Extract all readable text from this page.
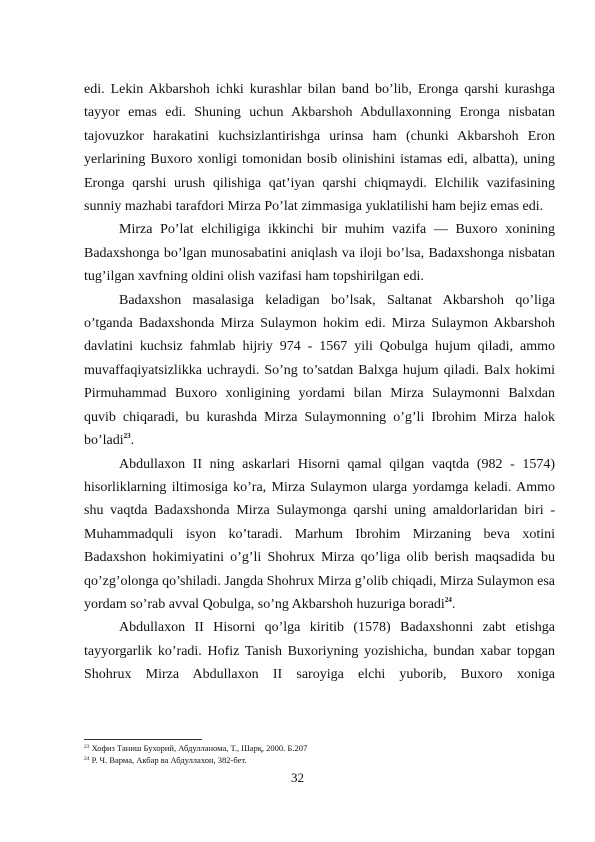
edi. Lekin Akbarshoh ichki kurashlar bilan band bo’lib, Eronga qarshi kurashga tayyor emas edi. Shuning uchun Akbarshoh Abdullaxonning Eronga nisbatan tajovuzkor harakatini kuchsizlantirishga urinsa ham (chunki Akbarshoh Eron yerlarining Buxoro xonligi tomonidan bosib olinishini istamas edi, albatta), uning Eronga qarshi urush qilishiga qat’iyan qarshi chiqmaydi. Elchilik vazifasining sunniy mazhabi tarafdori Mirza Po’lat zimmasiga yuklatilishi ham bejiz emas edi.

Mirza Po’lat elchiligiga ikkinchi bir muhim vazifa — Buxoro xonining Badaxshonga bo’lgan munosabatini aniqlash va iloji bo’lsa, Badaxshonga nisbatan tug’ilgan xavfning oldini olish vazifasi ham topshirilgan edi.

Badaxshon masalasiga keladigan bo’lsak, Saltanat Akbarshoh qo’liga o’tganda Badaxshonda Mirza Sulaymon hokim edi. Mirza Sulaymon Akbarshoh davlatini kuchsiz fahmlab hijriy 974 - 1567 yili Qobulga hujum qiladi, ammo muvaffaqiyatsizlikka uchraydi. So’ng to’satdan Balxga hujum qiladi. Balx hokimi Pirmuhammad Buxoro xonligining yordami bilan Mirza Sulaymonni Balxdan quvib chiqaradi, bu kurashda Mirza Sulaymonning o’g’li Ibrohim Mirza halok bo’ladi$^{23}$.

Abdullaxon II ning askarlari Hisorni qamal qilgan vaqtda (982 - 1574) hisorliklarning iltimosiga ko’ra, Mirza Sulaymon ularga yordamga keladi. Ammo shu vaqtda Badaxshonda Mirza Sulaymonga qarshi uning amaldorlaridan biri - Muhammadquli isyon ko’taradi. Marhum Ibrohim Mirzaning beva xotini Badaxshon hokimiyatini o’g’li Shohrux Mirza qo’liga olib berish maqsadida bu qo’zg’olonga qo’shiladi. Jangda Shohrux Mirza g’olib chiqadi, Mirza Sulaymon esa yordam so’rab avval Qobulga, so’ng Akbarshoh huzuriga boradi$^{24}$.

Abdullaxon II Hisorni qo’lga kiritib (1578) Badaxshonni zabt etishga tayyorgarlik ko’radi. Hofiz Tanish Buxoriyning yozishicha, bundan xabar topgan Shohrux Mirza Abdullaxon II saroyiga elchi yuborib, Buxoro xoniga

$^{23}$ Хофиз Таниш Бухорий, Абдулланома, Т., Шарқ, 2000. Б.207
$^{24}$ Р. Ч. Варма, Акбар ва Абдуллахон, 382-бет.
32
